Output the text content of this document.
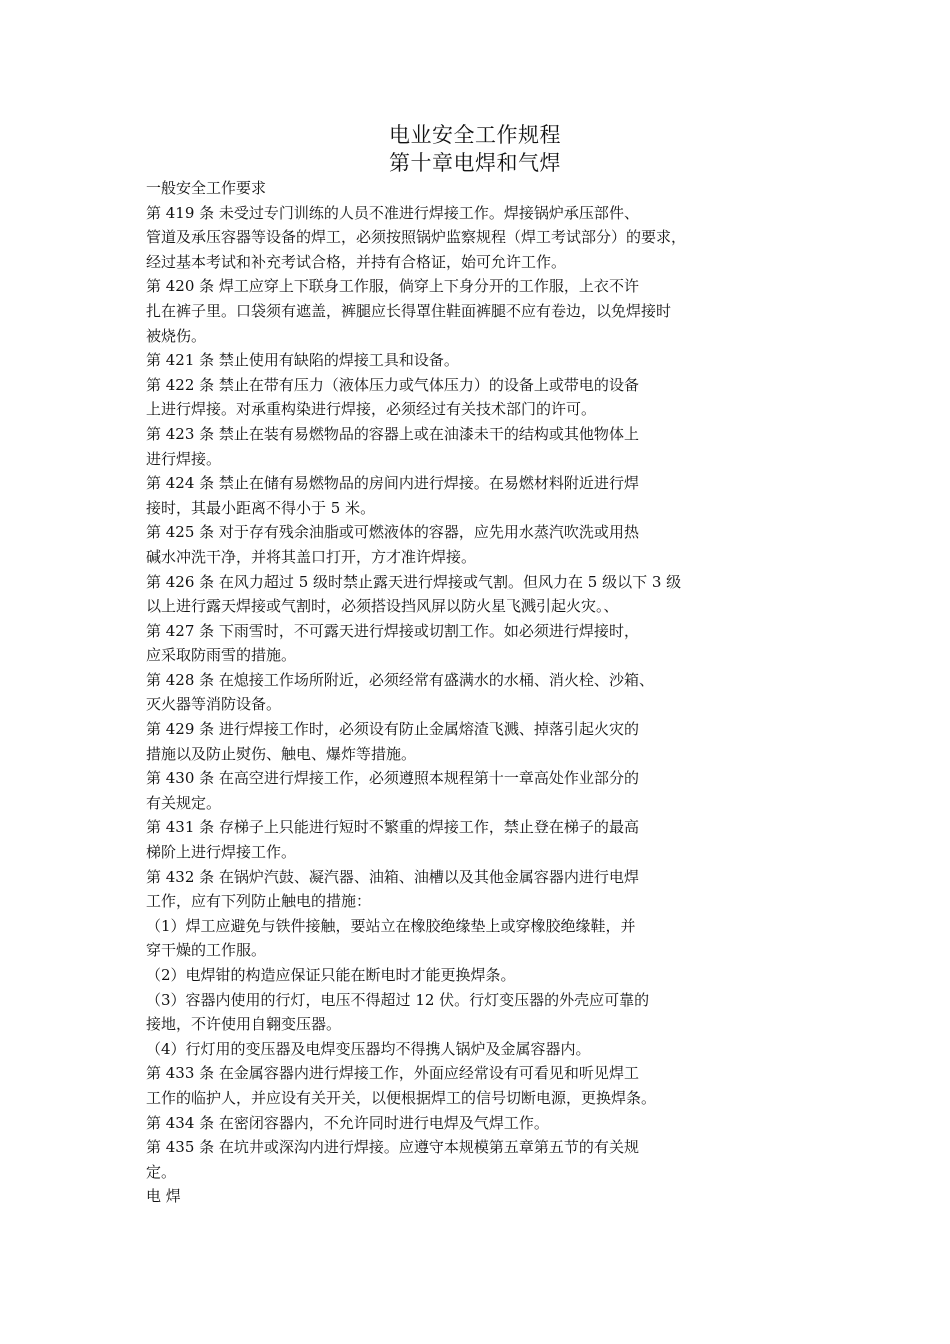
电业安全工作规程
第十章电焊和气焊
一般安全工作要求
第 419 条 未受过专门训练的人员不准进行焊接工作。焊接锅炉承压部件、
管道及承压容器等设备的焊工，必须按照锅炉监察规程（焊工考试部分）的要求，
经过基本考试和补充考试合格，并持有合格证，始可允许工作。
第 420 条 焊工应穿上下联身工作服，倘穿上下身分开的工作服，上衣不许
扎在裤子里。口袋须有遮盖，裤腿应长得罩住鞋面裤腿不应有卷边，以免焊接时
被烧伤。
第 421 条 禁止使用有缺陷的焊接工具和设备。
第 422 条 禁止在带有压力（液体压力或气体压力）的设备上或带电的设备
上进行焊接。对承重构染进行焊接，必须经过有关技术部门的许可。
第 423 条 禁止在装有易燃物品的容器上或在油漆未干的结构或其他物体上
进行焊接。
第 424 条 禁止在储有易燃物品的房间内进行焊接。在易燃材料附近进行焊
接时，其最小距离不得小于 5 米。
第 425 条 对于存有残余油脂或可燃液体的容器，应先用水蒸汽吹洗或用热
碱水冲洗干净，并将其盖口打开，方才准许焊接。
第 426 条 在风力超过 5 级时禁止露天进行焊接或气割。但风力在 5 级以下 3 级
以上进行露天焊接或气割时，必须搭设挡风屏以防火星飞溅引起火灾。、
第 427 条 下雨雪时，不可露天进行焊接或切割工作。如必须进行焊接时，
应采取防雨雪的措施。
第 428 条 在熄接工作场所附近，必须经常有盛满水的水桶、消火栓、沙箱、
灭火器等消防设备。
第 429 条 进行焊接工作时，必须设有防止金属熔渣飞溅、掉落引起火灾的
措施以及防止熨伤、触电、爆炸等措施。
第 430 条 在高空进行焊接工作，必须遵照本规程第十一章高处作业部分的
有关规定。
第 431 条 存梯子上只能进行短时不繁重的焊接工作，禁止登在梯子的最高
梯阶上进行焊接工作。
第 432 条 在锅炉汽鼓、凝汽器、油箱、油槽以及其他金属容器内进行电焊
工作，应有下列防止触电的措施：
（1）焊工应避免与铁件接触，要站立在橡胶绝缘垫上或穿橡胶绝缘鞋，并
穿干燥的工作服。
（2）电焊钳的构造应保证只能在断电时才能更换焊条。
（3）容器内使用的行灯，电压不得超过 12 伏。行灯变压器的外壳应可靠的
接地，不许使用自翱变压器。
（4）行灯用的变压器及电焊变压器均不得携人锅炉及金属容器内。
第 433 条 在金属容器内进行焊接工作，外面应经常设有可看见和听见焊工
工作的临护人，并应设有关开关，以便根据焊工的信号切断电源，更换焊条。
第 434 条 在密闭容器内，不允许同时进行电焊及气焊工作。
第 435 条 在坑井或深沟内进行焊接。应遵守本规模第五章第五节的有关规
定。
电 焊
